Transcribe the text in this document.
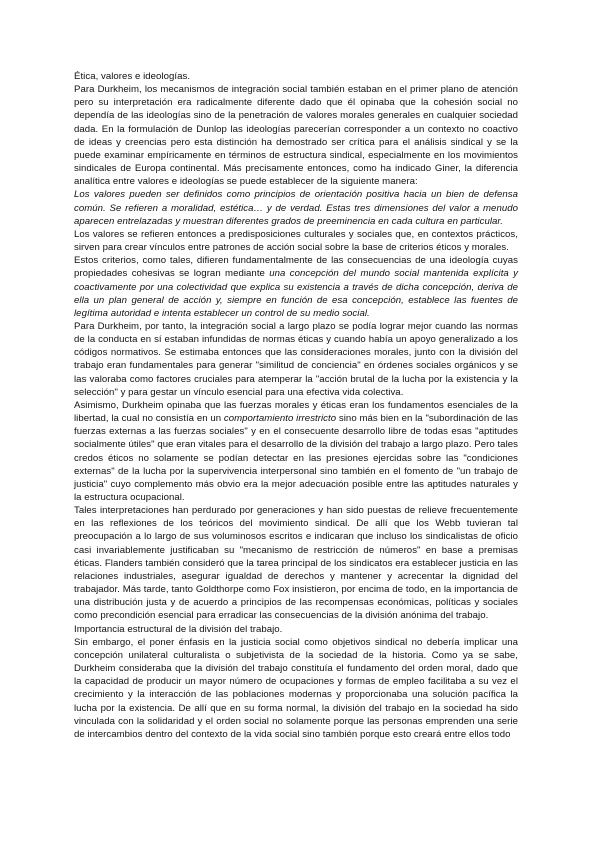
Ética, valores e ideologías.

Para Durkheim, los mecanismos de integración social también estaban en el primer plano de atención pero su interpretación era radicalmente diferente dado que él opinaba que la cohesión social no dependía de las ideologías sino de la penetración de valores morales generales en cualquier sociedad dada. En la formulación de Dunlop las ideologías parecerían corresponder a un contexto no coactivo de ideas y creencias pero esta distinción ha demostrado ser crítica para el análisis sindical y se la puede examinar empíricamente en términos de estructura sindical, especialmente en los movimientos sindicales de Europa continental. Más precisamente entonces, como ha indicado Giner, la diferencia analítica entre valores e ideologías se puede establecer de la siguiente manera:

Los valores pueden ser definidos como principios de orientación positiva hacia un bien de defensa común. Se refieren a moralidad, estética… y de verdad. Estas tres dimensiones del valor a menudo aparecen entrelazadas y muestran diferentes grados de preeminencia en cada cultura en particular.

Los valores se refieren entonces a predisposiciones culturales y sociales que, en contextos prácticos, sirven para crear vínculos entre patrones de acción social sobre la base de criterios éticos y morales.

Estos criterios, como tales, difieren fundamentalmente de las consecuencias de una ideología cuyas propiedades cohesivas se logran mediante una concepción del mundo social mantenida explícita y coactivamente por una colectividad que explica su existencia a través de dicha concepción, deriva de ella un plan general de acción y, siempre en función de esa concepción, establece las fuentes de legítima autoridad e intenta establecer un control de su medio social.

Para Durkheim, por tanto, la integración social a largo plazo se podía lograr mejor cuando las normas de la conducta en sí estaban infundidas de normas éticas y cuando había un apoyo generalizado a los códigos normativos. Se estimaba entonces que las consideraciones morales, junto con la división del trabajo eran fundamentales para generar "similitud de conciencia" en órdenes sociales orgánicos y se las valoraba como factores cruciales para atemperar la "acción brutal de la lucha por la existencia y la selección" y para gestar un vínculo esencial para una efectiva vida colectiva.

Asimismo, Durkheim opinaba que las fuerzas morales y éticas eran los fundamentos esenciales de la libertad, la cual no consistía en un comportamiento irrestricto sino más bien en la "subordinación de las fuerzas externas a las fuerzas sociales" y en el consecuente desarrollo libre de todas esas "aptitudes socialmente útiles" que eran vitales para el desarrollo de la división del trabajo a largo plazo. Pero tales credos éticos no solamente se podían detectar en las presiones ejercidas sobre las "condiciones externas" de la lucha por la supervivencia interpersonal sino también en el fomento de "un trabajo de justicia" cuyo complemento más obvio era la mejor adecuación posible entre las aptitudes naturales y la estructura ocupacional.

Tales interpretaciones han perdurado por generaciones y han sido puestas de relieve frecuentemente en las reflexiones de los teóricos del movimiento sindical. De allí que los Webb tuvieran tal preocupación a lo largo de sus voluminosos escritos e indicaran que incluso los sindicalistas de oficio casi invariablemente justificaban su "mecanismo de restricción de números" en base a premisas éticas. Flanders también consideró que la tarea principal de los sindicatos era establecer justicia en las relaciones industriales, asegurar igualdad de derechos y mantener y acrecentar la dignidad del trabajador. Más tarde, tanto Goldthorpe como Fox insistieron, por encima de todo, en la importancia de una distribución justa y de acuerdo a principios de las recompensas económicas, políticas y sociales como precondición esencial para erradicar las consecuencias de la división anónima del trabajo.

Importancia estructural de la división del trabajo.

Sin embargo, el poner énfasis en la justicia social como objetivos sindical no debería implicar una concepción unilateral culturalista o subjetivista de la sociedad de la historia. Como ya se sabe, Durkheim consideraba que la división del trabajo constituía el fundamento del orden moral, dado que la capacidad de producir un mayor número de ocupaciones y formas de empleo facilitaba a su vez el crecimiento y la interacción de las poblaciones modernas y proporcionaba una solución pacífica la lucha por la existencia. De allí que en su forma normal, la división del trabajo en la sociedad ha sido vinculada con la solidaridad y el orden social no solamente porque las personas emprenden una serie de intercambios dentro del contexto de la vida social sino también porque esto creará entre ellos todo
